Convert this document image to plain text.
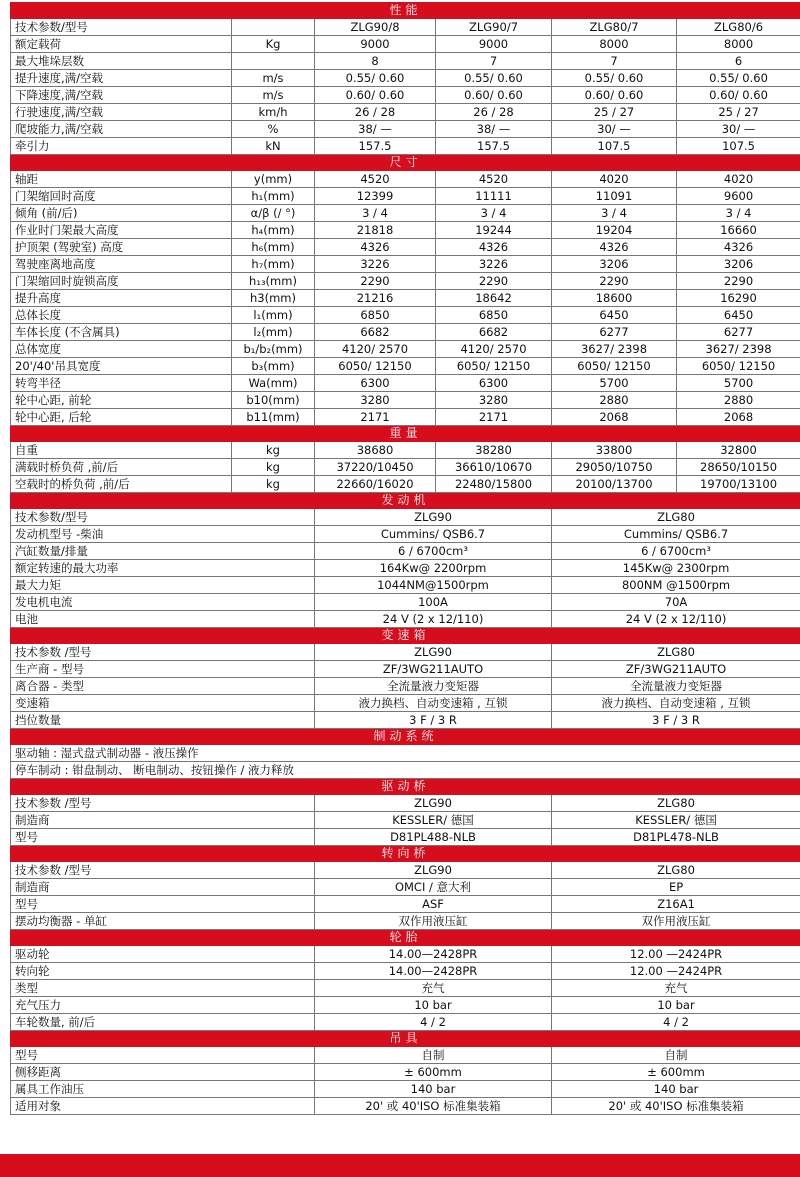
性能					
技术参数/型号		ZLG90/8	ZLG90/7	ZLG80/7	ZLG80/6
额定载荷	Kg	9000	9000	8000	8000
最大堆垛层数		8	7	7	6
提升速度,满/空载	m/s	0.55/ 0.60	0.55/ 0.60	0.55/ 0.60	0.55/ 0.60
下降速度,满/空载	m/s	0.60/ 0.60	0.60/ 0.60	0.60/ 0.60	0.60/ 0.60
行驶速度,满/空载	km/h	26 / 28	26 / 28	25 / 27	25 / 27
爬坡能力,满/空载	%	38/ —	38/ —	30/ —	30/ —
牵引力	kN	157.5	157.5	107.5	107.5
尺寸					
轴距	y(mm)	4520	4520	4020	4020
门架缩回时高度	h₁(mm)	12399	11111	11091	9600
倾角 (前/后)	α/β (/ °)	3 / 4	3 / 4	3 / 4	3 / 4
作业时门架最大高度	h₄(mm)	21818	19244	19204	16660
护顶架 (驾驶室) 高度	h₆(mm)	4326	4326	4326	4326
驾驶座离地高度	h₇(mm)	3226	3226	3206	3206
门架缩回时旋锁高度	h₁₃(mm)	2290	2290	2290	2290
提升高度	h3(mm)	21216	18642	18600	16290
总体长度	l₁(mm)	6850	6850	6450	6450
车体长度 (不含属具)	l₂(mm)	6682	6682	6277	6277
总体宽度	b₁/b₂(mm)	4120/ 2570	4120/ 2570	3627/ 2398	3627/ 2398
20'/40'吊具宽度	b₃(mm)	6050/ 12150	6050/ 12150	6050/ 12150	6050/ 12150
转弯半径	Wa(mm)	6300	6300	5700	5700
轮中心距, 前轮	b10(mm)	3280	3280	2880	2880
轮中心距, 后轮	b11(mm)	2171	2171	2068	2068
重量					
自重	kg	38680	38280	33800	32800
满载时桥负荷 ,前/后	kg	37220/10450	36610/10670	29050/10750	28650/10150
空载时的桥负荷 ,前/后	kg	22660/16020	22480/15800	20100/13700	19700/13100
发动机					
技术参数/型号		ZLG90		ZLG80	
发动机型号 -柴油		Cummins/ QSB6.7		Cummins/ QSB6.7	
汽缸数量/排量		6 / 6700cm³		6 / 6700cm³	
额定转速的最大功率		164Kw@ 2200rpm		145Kw@ 2300rpm	
最大力矩		1044NM@1500rpm		800NM @1500rpm	
发电机电流		100A		70A	
电池		24 V (2 x 12/110)		24 V (2 x 12/110)	
变速箱					
技术参数 /型号		ZLG90		ZLG80	
生产商 - 型号		ZF/3WG211AUTO		ZF/3WG211AUTO	
离合器 - 类型		全流量液力变矩器		全流量液力变矩器	
变速箱		液力换档、自动变速箱 , 互锁		液力换档、自动变速箱 , 互锁	
挡位数量		3 F / 3 R		3 F / 3 R	
制动系统					
驱动轴 : 湿式盘式制动器 - 液压操作					
停车制动 : 钳盘制动、 断电制动、按钮操作 / 液力释放					
驱动桥					
技术参数 /型号		ZLG90		ZLG80	
制造商		KESSLER/ 德国		KESSLER/ 德国	
型号		D81PL488-NLB		D81PL478-NLB	
转向桥					
技术参数 /型号		ZLG90		ZLG80	
制造商		OMCI / 意大利		EP	
型号		ASF		Z16A1	
摆动均衡器 - 单缸		双作用液压缸		双作用液压缸	
轮胎					
驱动轮		14.00—2428PR		12.00 —2424PR	
转向轮		14.00—2428PR		12.00 —2424PR	
类型		充气		充气	
充气压力		10 bar		10 bar	
车轮数量, 前/后		4 / 2		4 / 2	
吊具					
型号		自制		自制	
侧移距离		± 600mm		± 600mm	
属具工作油压		140 bar		140 bar	
适用对象		20' 或 40'ISO 标准集装箱		20' 或 40'ISO 标准集装箱	
